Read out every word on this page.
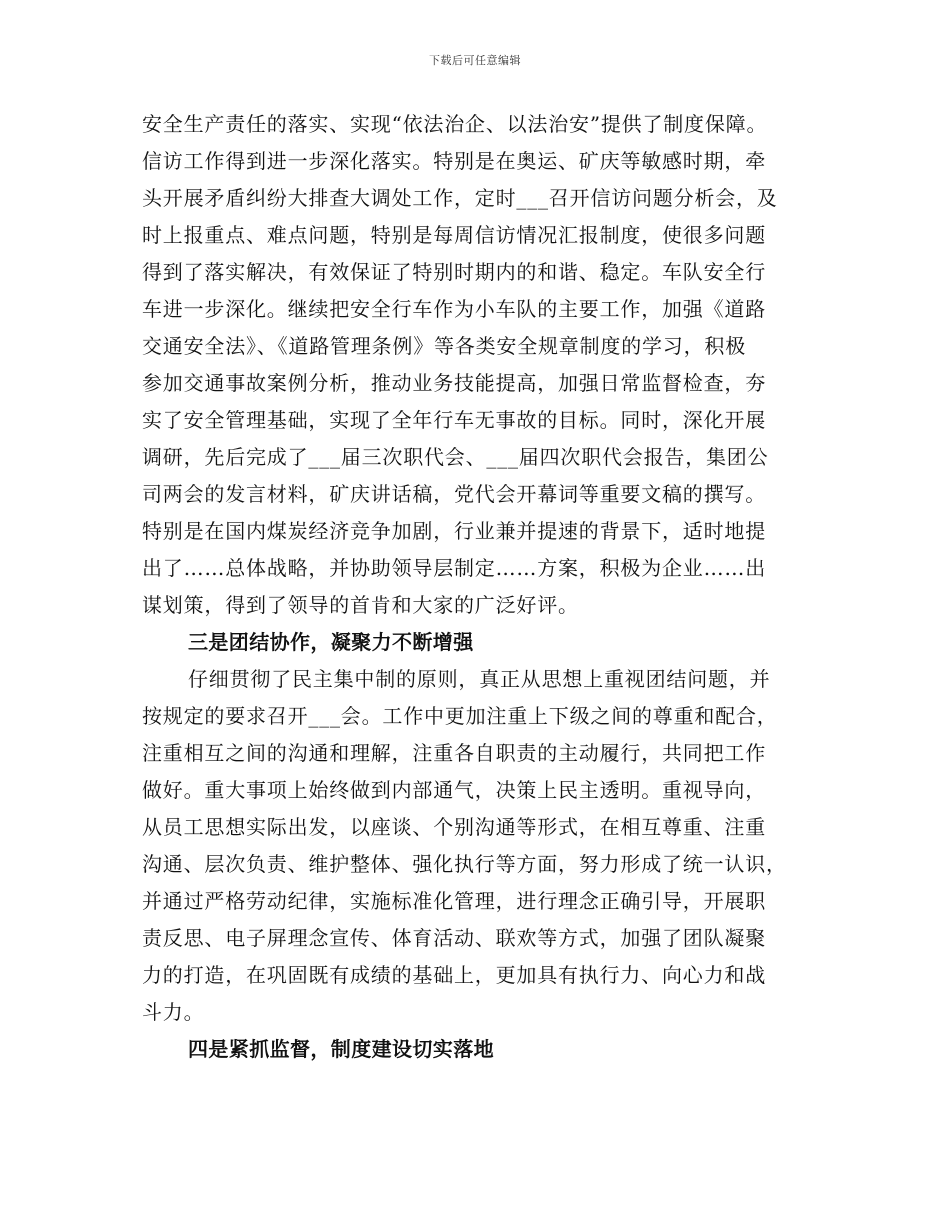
下载后可任意编辑
安全生产责任的落实、实现“依法治企、以法治安”提供了制度保障。
信访工作得到进一步深化落实。特别是在奥运、矿庆等敏感时期，牵
头开展矛盾纠纷大排查大调处工作，定时___召开信访问题分析会，及
时上报重点、难点问题，特别是每周信访情况汇报制度，使很多问题
得到了落实解决，有效保证了特别时期内的和谐、稳定。车队安全行
车进一步深化。继续把安全行车作为小车队的主要工作，加强《道路
交通安全法》、《道路管理条例》等各类安全规章制度的学习，积极
参加交通事故案例分析，推动业务技能提高，加强日常监督检查，夯
实了安全管理基础，实现了全年行车无事故的目标。同时，深化开展
调研，先后完成了___届三次职代会、___届四次职代会报告，集团公
司两会的发言材料，矿庆讲话稿，党代会开幕词等重要文稿的撰写。
特别是在国内煤炭经济竞争加剧，行业兼并提速的背景下，适时地提
出了……总体战略，并协助领导层制定……方案，积极为企业……出
谋划策，得到了领导的首肯和大家的广泛好评。
三是团结协作，凝聚力不断增强
仔细贯彻了民主集中制的原则，真正从思想上重视团结问题，并
按规定的要求召开___会。工作中更加注重上下级之间的尊重和配合，
注重相互之间的沟通和理解，注重各自职责的主动履行，共同把工作
做好。重大事项上始终做到内部通气，决策上民主透明。重视导向，
从员工思想实际出发，以座谈、个别沟通等形式，在相互尊重、注重
沟通、层次负责、维护整体、强化执行等方面，努力形成了统一认识，
并通过严格劳动纪律，实施标准化管理，进行理念正确引导，开展职
责反思、电子屏理念宣传、体育活动、联欢等方式，加强了团队凝聚
力的打造，在巩固既有成绩的基础上，更加具有执行力、向心力和战
斗力。
四是紧抓监督，制度建设切实落地
